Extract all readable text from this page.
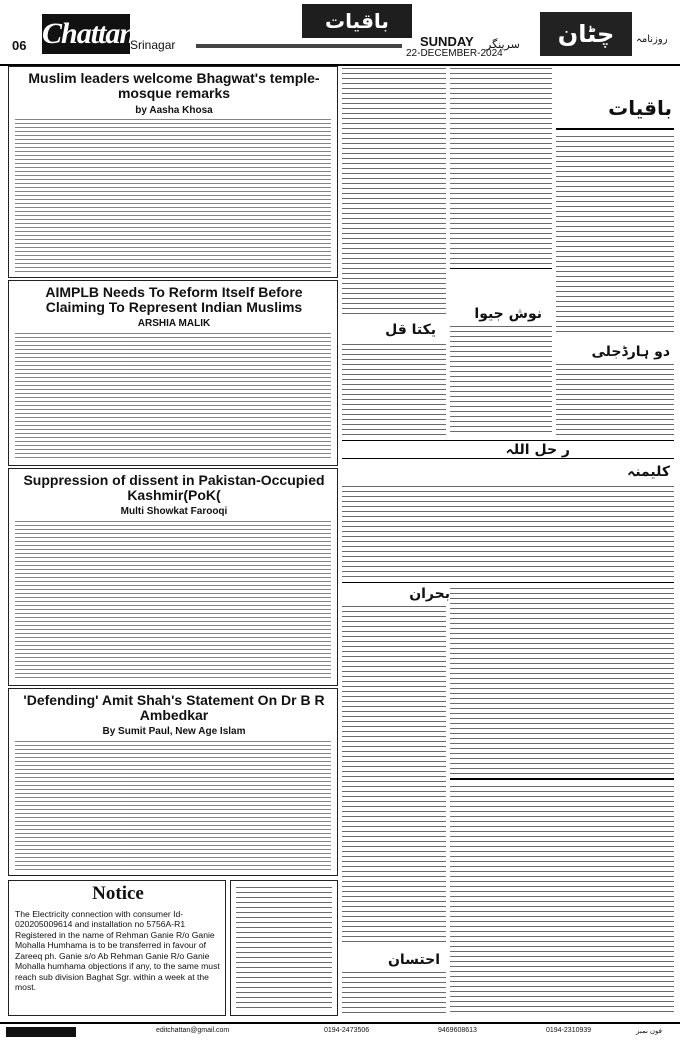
06 Chattan
Srinagar
باقیات
SUNDAY
22-DECEMBER-2024
سرینگر	چٹان	روزنامہ
Muslim leaders welcome Bhagwat's temple-mosque remarks
by Aasha Khosa
AIMPLB Needs To Reform Itself Before Claiming To Represent Indian Muslims
ARSHIA MALIK
Suppression of dissent in Pakistan-Occupied Kashmir(PoK(
Multi Showkat Farooqi
'Defending' Amit Shah's Statement On Dr B R Ambedkar
By Sumit Paul, New Age Islam
Notice
The Electricity connection with consumer Id-020205009614 and installation no 5756A-R1 Registered in the name of Rehman Ganie R/o Ganie Mohalla Humhama is to be transferred in favour of Zareeq ph. Ganie s/o Ab Rehman Ganie R/o Ganie Mohalla humhama objections if any, to the same must reach sub division Baghat Sgr. within a week at the most.
یکتا قل
نوش جیوا
باقیات
دو ہارڈجلی
ر حل اللہ
کلیمنہ
بحران
احتسان
editchattan@gmail.com	0194-2473506	9469608613	0194-2310939	فون نمبر
